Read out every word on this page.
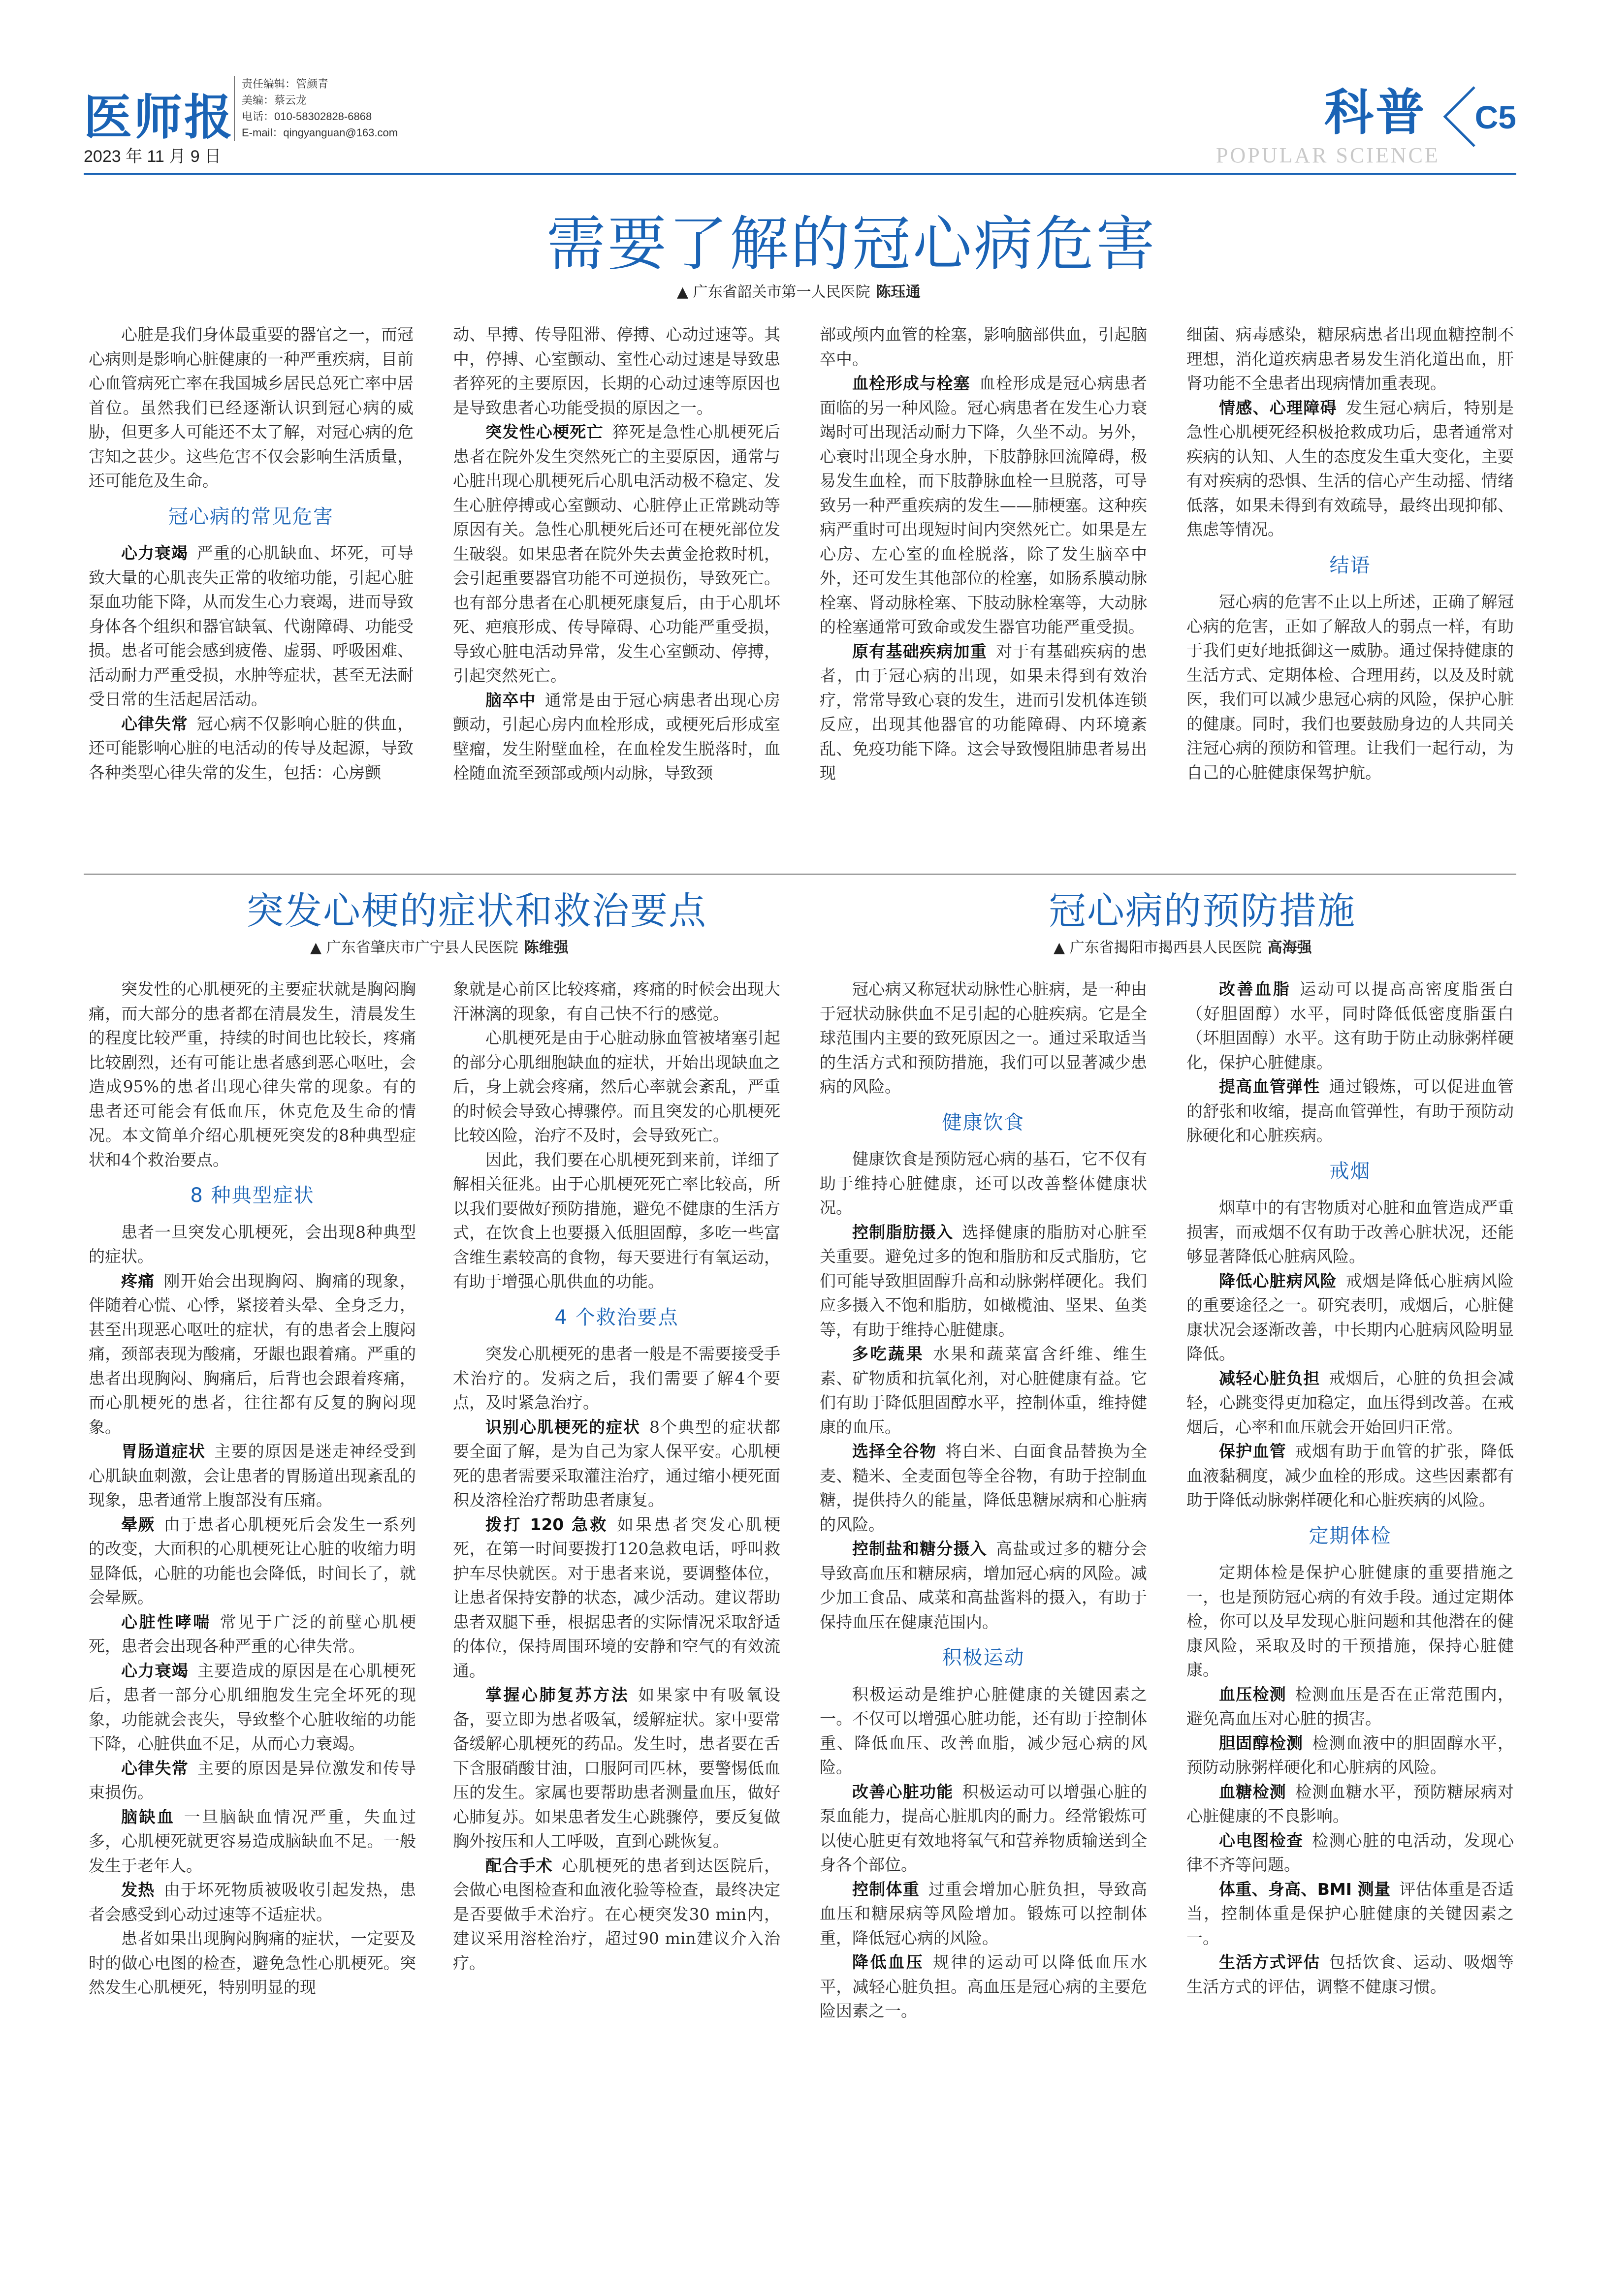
医师报
2023 年 11 月 9 日
责任编辑：管颜青
美编：蔡云龙
电话：010-58302828-6868
E-mail：qingyanguan@163.com
POPULAR SCIENCE
科普 C5
需要了解的冠心病危害
▲ 广东省韶关市第一人民医院 陈珏通

心脏是我们身体最重要的器官之一，而冠心病则是影响心脏健康的一种严重疾病，目前心血管病死亡率在我国城乡居民总死亡率中居首位。虽然我们已经逐渐认识到冠心病的威胁，但更多人可能还不太了解，对冠心病的危害知之甚少。这些危害不仅会影响生活质量，还可能危及生命。

冠心病的常见危害

心力衰竭 严重的心肌缺血、坏死，可导致大量的心肌丧失正常的收缩功能，引起心脏泵血功能下降，从而发生心力衰竭，进而导致身体各个组织和器官缺氧、代谢障碍、功能受损。患者可能会感到疲倦、虚弱、呼吸困难、活动耐力严重受损，水肿等症状，甚至无法耐受日常的生活起居活动。

心律失常 冠心病不仅影响心脏的供血，还可能影响心脏的电活动的传导及起源，导致各种类型心律失常的发生，包括：心房颤

动、早搏、传导阻滞、停搏、心动过速等。其中，停搏、心室颤动、室性心动过速是导致患者猝死的主要原因，长期的心动过速等原因也是导致患者心功能受损的原因之一。

突发性心梗死亡 猝死是急性心肌梗死后患者在院外发生突然死亡的主要原因，通常与心脏出现心肌梗死后心肌电活动极不稳定、发生心脏停搏或心室颤动、心脏停止正常跳动等原因有关。急性心肌梗死后还可在梗死部位发生破裂。如果患者在院外失去黄金抢救时机，会引起重要器官功能不可逆损伤，导致死亡。也有部分患者在心肌梗死康复后，由于心肌坏死、疤痕形成、传导障碍、心功能严重受损，导致心脏电活动异常，发生心室颤动、停搏，引起突然死亡。

脑卒中 通常是由于冠心病患者出现心房颤动，引起心房内血栓形成，或梗死后形成室壁瘤，发生附壁血栓，在血栓发生脱落时，血栓随血流至颈部或颅内动脉，导致颈

部或颅内血管的栓塞，影响脑部供血，引起脑卒中。

血栓形成与栓塞 血栓形成是冠心病患者面临的另一种风险。冠心病患者在发生心力衰竭时可出现活动耐力下降，久坐不动。另外，心衰时出现全身水肿，下肢静脉回流障碍，极易发生血栓，而下肢静脉血栓一旦脱落，可导致另一种严重疾病的发生——肺梗塞。这种疾病严重时可出现短时间内突然死亡。如果是左心房、左心室的血栓脱落，除了发生脑卒中外，还可发生其他部位的栓塞，如肠系膜动脉栓塞、肾动脉栓塞、下肢动脉栓塞等，大动脉的栓塞通常可致命或发生器官功能严重受损。

原有基础疾病加重 对于有基础疾病的患者，由于冠心病的出现，如果未得到有效治疗，常常导致心衰的发生，进而引发机体连锁反应，出现其他器官的功能障碍、内环境紊乱、免疫功能下降。这会导致慢阻肺患者易出现

细菌、病毒感染，糖尿病患者出现血糖控制不理想，消化道疾病患者易发生消化道出血，肝肾功能不全患者出现病情加重表现。

情感、心理障碍 发生冠心病后，特别是急性心肌梗死经积极抢救成功后，患者通常对疾病的认知、人生的态度发生重大变化，主要有对疾病的恐惧、生活的信心产生动摇、情绪低落，如果未得到有效疏导，最终出现抑郁、焦虑等情况。

结语

冠心病的危害不止以上所述，正确了解冠心病的危害，正如了解敌人的弱点一样，有助于我们更好地抵御这一威胁。通过保持健康的生活方式、定期体检、合理用药，以及及时就医，我们可以减少患冠心病的风险，保护心脏的健康。同时，我们也要鼓励身边的人共同关注冠心病的预防和管理。让我们一起行动，为自己的心脏健康保驾护航。

突发心梗的症状和救治要点
▲ 广东省肇庆市广宁县人民医院 陈维强

突发性的心肌梗死的主要症状就是胸闷胸痛，而大部分的患者都在清晨发生，清晨发生的程度比较严重，持续的时间也比较长，疼痛比较剧烈，还有可能让患者感到恶心呕吐，会造成95%的患者出现心律失常的现象。有的患者还可能会有低血压，休克危及生命的情况。本文简单介绍心肌梗死突发的8种典型症状和4个救治要点。

8 种典型症状

患者一旦突发心肌梗死，会出现8种典型的症状。

疼痛 刚开始会出现胸闷、胸痛的现象，伴随着心慌、心悸，紧接着头晕、全身乏力，甚至出现恶心呕吐的症状，有的患者会上腹闷痛，颈部表现为酸痛，牙龈也跟着痛。严重的患者出现胸闷、胸痛后，后背也会跟着疼痛，而心肌梗死的患者，往往都有反复的胸闷现象。

胃肠道症状 主要的原因是迷走神经受到心肌缺血刺激，会让患者的胃肠道出现紊乱的现象，患者通常上腹部没有压痛。

晕厥 由于患者心肌梗死后会发生一系列的改变，大面积的心肌梗死让心脏的收缩力明显降低，心脏的功能也会降低，时间长了，就会晕厥。

心脏性哮喘 常见于广泛的前壁心肌梗死，患者会出现各种严重的心律失常。

心力衰竭 主要造成的原因是在心肌梗死后，患者一部分心肌细胞发生完全坏死的现象，功能就会丧失，导致整个心脏收缩的功能下降，心脏供血不足，从而心力衰竭。

心律失常 主要的原因是异位激发和传导束损伤。

脑缺血 一旦脑缺血情况严重，失血过多，心肌梗死就更容易造成脑缺血不足。一般发生于老年人。

发热 由于坏死物质被吸收引起发热，患者会感受到心动过速等不适症状。

患者如果出现胸闷胸痛的症状，一定要及时的做心电图的检查，避免急性心肌梗死。突然发生心肌梗死，特别明显的现

象就是心前区比较疼痛，疼痛的时候会出现大汗淋漓的现象，有自己快不行的感觉。

心肌梗死是由于心脏动脉血管被堵塞引起的部分心肌细胞缺血的症状，开始出现缺血之后，身上就会疼痛，然后心率就会紊乱，严重的时候会导致心搏骤停。而且突发的心肌梗死比较凶险，治疗不及时，会导致死亡。

因此，我们要在心肌梗死到来前，详细了解相关征兆。由于心肌梗死死亡率比较高，所以我们要做好预防措施，避免不健康的生活方式，在饮食上也要摄入低胆固醇，多吃一些富含维生素较高的食物，每天要进行有氧运动，有助于增强心肌供血的功能。

4 个救治要点

突发心肌梗死的患者一般是不需要接受手术治疗的。发病之后，我们需要了解4个要点，及时紧急治疗。

识别心肌梗死的症状 8个典型的症状都要全面了解，是为自己为家人保平安。心肌梗死的患者需要采取灌注治疗，通过缩小梗死面积及溶栓治疗帮助患者康复。

拨打 120 急救 如果患者突发心肌梗死，在第一时间要拨打120急救电话，呼叫救护车尽快就医。对于患者来说，要调整体位，让患者保持安静的状态，减少活动。建议帮助患者双腿下垂，根据患者的实际情况采取舒适的体位，保持周围环境的安静和空气的有效流通。

掌握心肺复苏方法 如果家中有吸氧设备，要立即为患者吸氧，缓解症状。家中要常备缓解心肌梗死的药品。发生时，患者要在舌下含服硝酸甘油，口服阿司匹林，要警惕低血压的发生。家属也要帮助患者测量血压，做好心肺复苏。如果患者发生心跳骤停，要反复做胸外按压和人工呼吸，直到心跳恢复。

配合手术 心肌梗死的患者到达医院后，会做心电图检查和血液化验等检查，最终决定是否要做手术治疗。在心梗突发30 min内，建议采用溶栓治疗，超过90 min建议介入治疗。

冠心病的预防措施
▲ 广东省揭阳市揭西县人民医院 高海强

冠心病又称冠状动脉性心脏病，是一种由于冠状动脉供血不足引起的心脏疾病。它是全球范围内主要的致死原因之一。通过采取适当的生活方式和预防措施，我们可以显著减少患病的风险。

健康饮食

健康饮食是预防冠心病的基石，它不仅有助于维持心脏健康，还可以改善整体健康状况。

控制脂肪摄入 选择健康的脂肪对心脏至关重要。避免过多的饱和脂肪和反式脂肪，它们可能导致胆固醇升高和动脉粥样硬化。我们应多摄入不饱和脂肪，如橄榄油、坚果、鱼类等，有助于维持心脏健康。

多吃蔬果 水果和蔬菜富含纤维、维生素、矿物质和抗氧化剂，对心脏健康有益。它们有助于降低胆固醇水平，控制体重，维持健康的血压。

选择全谷物 将白米、白面食品替换为全麦、糙米、全麦面包等全谷物，有助于控制血糖，提供持久的能量，降低患糖尿病和心脏病的风险。

控制盐和糖分摄入 高盐或过多的糖分会导致高血压和糖尿病，增加冠心病的风险。减少加工食品、咸菜和高盐酱料的摄入，有助于保持血压在健康范围内。

积极运动

积极运动是维护心脏健康的关键因素之一。不仅可以增强心脏功能，还有助于控制体重、降低血压、改善血脂，减少冠心病的风险。

改善心脏功能 积极运动可以增强心脏的泵血能力，提高心脏肌肉的耐力。经常锻炼可以使心脏更有效地将氧气和营养物质输送到全身各个部位。

控制体重 过重会增加心脏负担，导致高血压和糖尿病等风险增加。锻炼可以控制体重，降低冠心病的风险。

降低血压 规律的运动可以降低血压水平，减轻心脏负担。高血压是冠心病的主要危险因素之一。

改善血脂 运动可以提高高密度脂蛋白（好胆固醇）水平，同时降低低密度脂蛋白（坏胆固醇）水平。这有助于防止动脉粥样硬化，保护心脏健康。

提高血管弹性 通过锻炼，可以促进血管的舒张和收缩，提高血管弹性，有助于预防动脉硬化和心脏疾病。

戒烟

烟草中的有害物质对心脏和血管造成严重损害，而戒烟不仅有助于改善心脏状况，还能够显著降低心脏病风险。

降低心脏病风险 戒烟是降低心脏病风险的重要途径之一。研究表明，戒烟后，心脏健康状况会逐渐改善，中长期内心脏病风险明显降低。

减轻心脏负担 戒烟后，心脏的负担会减轻，心跳变得更加稳定，血压得到改善。在戒烟后，心率和血压就会开始回归正常。

保护血管 戒烟有助于血管的扩张，降低血液黏稠度，减少血栓的形成。这些因素都有助于降低动脉粥样硬化和心脏疾病的风险。

定期体检

定期体检是保护心脏健康的重要措施之一，也是预防冠心病的有效手段。通过定期体检，你可以及早发现心脏问题和其他潜在的健康风险，采取及时的干预措施，保持心脏健康。

血压检测 检测血压是否在正常范围内，避免高血压对心脏的损害。

胆固醇检测 检测血液中的胆固醇水平，预防动脉粥样硬化和心脏病的风险。

血糖检测 检测血糖水平，预防糖尿病对心脏健康的不良影响。

心电图检查 检测心脏的电活动，发现心律不齐等问题。

体重、身高、BMI 测量 评估体重是否适当，控制体重是保护心脏健康的关键因素之一。

生活方式评估 包括饮食、运动、吸烟等生活方式的评估，调整不健康习惯。
